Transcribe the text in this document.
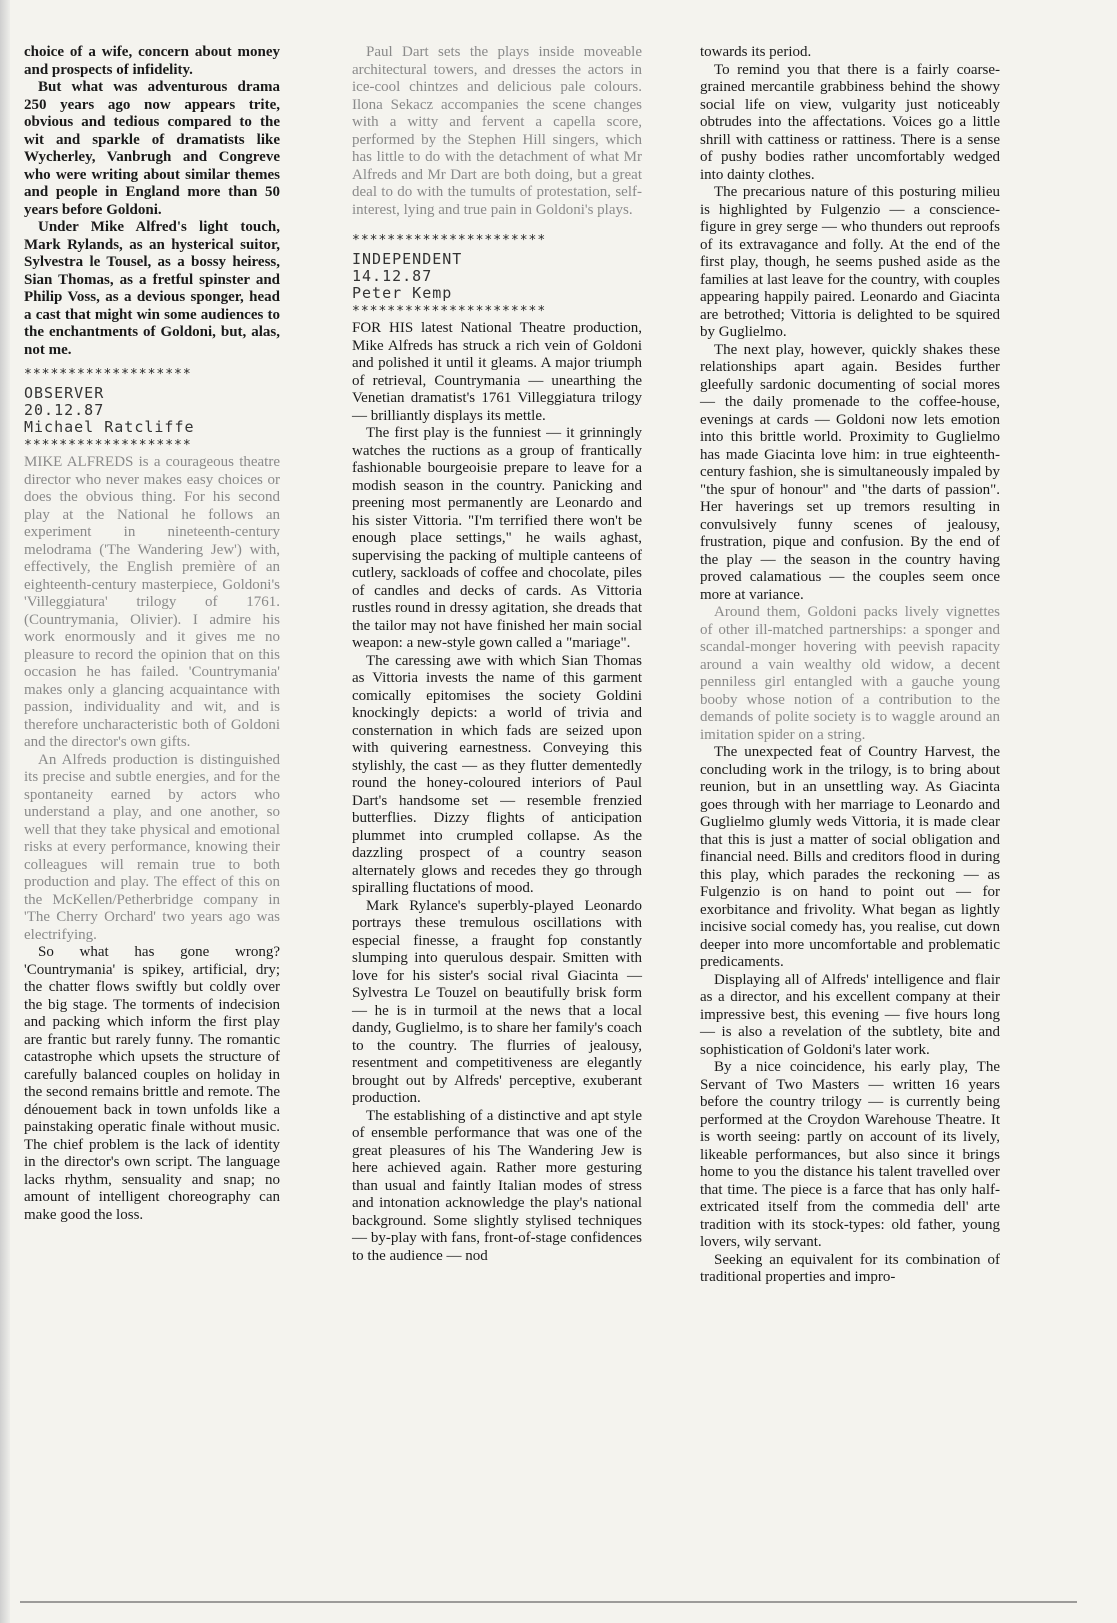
choice of a wife, concern about money and prospects of infidelity.

But what was adventurous drama 250 years ago now appears trite, obvious and tedious compared to the wit and sparkle of dramatists like Wycherley, Vanbrugh and Congreve who were writing about similar themes and people in England more than 50 years before Goldoni.

Under Mike Alfred's light touch, Mark Rylands, as an hysterical suitor, Sylvestra le Tousel, as a bossy heiress, Sian Thomas, as a fretful spinster and Philip Voss, as a devious sponger, head a cast that might win some audiences to the enchantments of Goldoni, but, alas, not me.

*******************
OBSERVER
20.12.87
Michael Ratcliffe
*******************

MIKE ALFREDS is a courageous theatre director who never makes easy choices or does the obvious thing. For his second play at the National he follows an experiment in nineteenth-century melodrama ('The Wandering Jew') with, effectively, the English première of an eighteenth-century masterpiece, Goldoni's 'Villeggiatura' trilogy of 1761. (Countrymania, Olivier). I admire his work enormously and it gives me no pleasure to record the opinion that on this occasion he has failed. 'Countrymania' makes only a glancing acquaintance with passion, individuality and wit, and is therefore uncharacteristic both of Goldoni and the director's own gifts.

An Alfreds production is distinguished its precise and subtle energies, and for the spontaneity earned by actors who understand a play, and one another, so well that they take physical and emotional risks at every performance, knowing their colleagues will remain true to both production and play. The effect of this on the McKellen/Petherbridge company in 'The Cherry Orchard' two years ago was electrifying.

So what has gone wrong? 'Countrymania' is spikey, artificial, dry; the chatter flows swiftly but coldly over the big stage. The torments of indecision and packing which inform the first play are frantic but rarely funny. The romantic catastrophe which upsets the structure of carefully balanced couples on holiday in the second remains brittle and remote. The dénouement back in town unfolds like a painstaking operatic finale without music. The chief problem is the lack of identity in the director's own script. The language lacks rhythm, sensuality and snap; no amount of intelligent choreography can make good the loss.

Paul Dart sets the plays inside moveable architectural towers, and dresses the actors in ice-cool chintzes and delicious pale colours. Ilona Sekacz accompanies the scene changes with a witty and fervent a capella score, performed by the Stephen Hill singers, which has little to do with the detachment of what Mr Alfreds and Mr Dart are both doing, but a great deal to do with the tumults of protestation, self-interest, lying and true pain in Goldoni's plays.

**********************
INDEPENDENT
14.12.87
Peter Kemp
**********************

FOR HIS latest National Theatre production, Mike Alfreds has struck a rich vein of Goldoni and polished it until it gleams. A major triumph of retrieval, Countrymania — unearthing the Venetian dramatist's 1761 Villeggiatura trilogy — brilliantly displays its mettle.

The first play is the funniest — it grinningly watches the ructions as a group of frantically fashionable bourgeoisie prepare to leave for a modish season in the country. Panicking and preening most permanently are Leonardo and his sister Vittoria. "I'm terrified there won't be enough place settings," he wails aghast, supervising the packing of multiple canteens of cutlery, sackloads of coffee and chocolate, piles of candles and decks of cards. As Vittoria rustles round in dressy agitation, she dreads that the tailor may not have finished her main social weapon: a new-style gown called a "mariage".

The caressing awe with which Sian Thomas as Vittoria invests the name of this garment comically epitomises the society Goldini knockingly depicts: a world of trivia and consternation in which fads are seized upon with quivering earnestness. Conveying this stylishly, the cast — as they flutter dementedly round the honey-coloured interiors of Paul Dart's handsome set — resemble frenzied butterflies. Dizzy flights of anticipation plummet into crumpled collapse. As the dazzling prospect of a country season alternately glows and recedes they go through spiralling fluctations of mood.

Mark Rylance's superbly-played Leonardo portrays these tremulous oscillations with especial finesse, a fraught fop constantly slumping into querulous despair. Smitten with love for his sister's social rival Giacinta — Sylvestra Le Touzel on beautifully brisk form — he is in turmoil at the news that a local dandy, Guglielmo, is to share her family's coach to the country. The flurries of jealousy, resentment and competitiveness are elegantly brought out by Alfreds' perceptive, exuberant production.

The establishing of a distinctive and apt style of ensemble performance that was one of the great pleasures of his The Wandering Jew is here achieved again. Rather more gesturing than usual and faintly Italian modes of stress and intonation acknowledge the play's national background. Some slightly stylised techniques — by-play with fans, front-of-stage confidences to the audience — nod

towards its period.

To remind you that there is a fairly coarse-grained mercantile grabbiness behind the showy social life on view, vulgarity just noticeably obtrudes into the affectations. Voices go a little shrill with cattiness or rattiness. There is a sense of pushy bodies rather uncomfortably wedged into dainty clothes.

The precarious nature of this posturing milieu is highlighted by Fulgenzio — a conscience-figure in grey serge — who thunders out reproofs of its extravagance and folly. At the end of the first play, though, he seems pushed aside as the families at last leave for the country, with couples appearing happily paired. Leonardo and Giacinta are betrothed; Vittoria is delighted to be squired by Guglielmo.

The next play, however, quickly shakes these relationships apart again. Besides further gleefully sardonic documenting of social mores — the daily promenade to the coffee-house, evenings at cards — Goldoni now lets emotion into this brittle world. Proximity to Guglielmo has made Giacinta love him: in true eighteenth-century fashion, she is simultaneously impaled by "the spur of honour" and "the darts of passion". Her haverings set up tremors resulting in convulsively funny scenes of jealousy, frustration, pique and confusion. By the end of the play — the season in the country having proved calamatious — the couples seem once more at variance.

Around them, Goldoni packs lively vignettes of other ill-matched partnerships: a sponger and scandal-monger hovering with peevish rapacity around a vain wealthy old widow, a decent penniless girl entangled with a gauche young booby whose notion of a contribution to the demands of polite society is to waggle around an imitation spider on a string.

The unexpected feat of Country Harvest, the concluding work in the trilogy, is to bring about reunion, but in an unsettling way. As Giacinta goes through with her marriage to Leonardo and Guglielmo glumly weds Vittoria, it is made clear that this is just a matter of social obligation and financial need. Bills and creditors flood in during this play, which parades the reckoning — as Fulgenzio is on hand to point out — for exorbitance and frivolity. What began as lightly incisive social comedy has, you realise, cut down deeper into more uncomfortable and problematic predicaments.

Displaying all of Alfreds' intelligence and flair as a director, and his excellent company at their impressive best, this evening — five hours long — is also a revelation of the subtlety, bite and sophistication of Goldoni's later work.

By a nice coincidence, his early play, The Servant of Two Masters — written 16 years before the country trilogy — is currently being performed at the Croydon Warehouse Theatre. It is worth seeing: partly on account of its lively, likeable performances, but also since it brings home to you the distance his talent travelled over that time. The piece is a farce that has only half-extricated itself from the commedia dell' arte tradition with its stock-types: old father, young lovers, wily servant.

Seeking an equivalent for its combination of traditional properties and impro-
